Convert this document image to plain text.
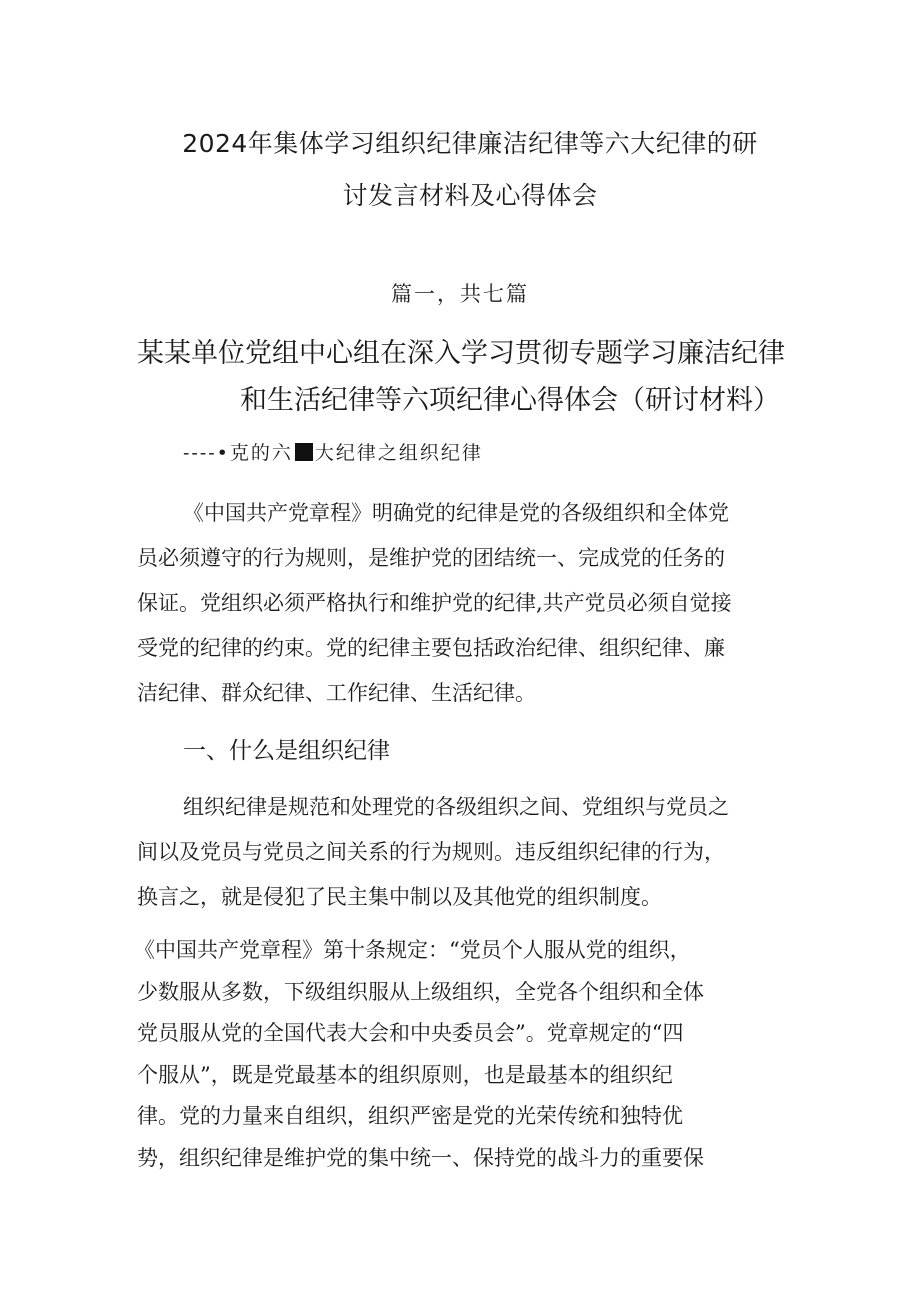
2024年集体学习组织纪律廉洁纪律等六大纪律的研
讨发言材料及心得体会
篇一，共七篇
某某单位党组中心组在深入学习贯彻专题学习廉洁纪律
和生活纪律等六项纪律心得体会（研讨材料）
----•克的六 大纪律之组织纪律
《中国共产党章程》明确党的纪律是党的各级组织和全体党
员必须遵守的行为规则，是维护党的团结统一、完成党的任务的
保证。党组织必须严格执行和维护党的纪律,共产党员必须自觉接
受党的纪律的约束。党的纪律主要包括政治纪律、组织纪律、廉
洁纪律、群众纪律、工作纪律、生活纪律。
一、什么是组织纪律
组织纪律是规范和处理党的各级组织之间、党组织与党员之
间以及党员与党员之间关系的行为规则。违反组织纪律的行为，
换言之，就是侵犯了民主集中制以及其他党的组织制度。
《中国共产党章程》第十条规定：“党员个人服从党的组织，
少数服从多数，下级组织服从上级组织，全党各个组织和全体
党员服从党的全国代表大会和中央委员会”。党章规定的“四
个服从”，既是党最基本的组织原则，也是最基本的组织纪
律。党的力量来自组织，组织严密是党的光荣传统和独特优
势，组织纪律是维护党的集中统一、保持党的战斗力的重要保
